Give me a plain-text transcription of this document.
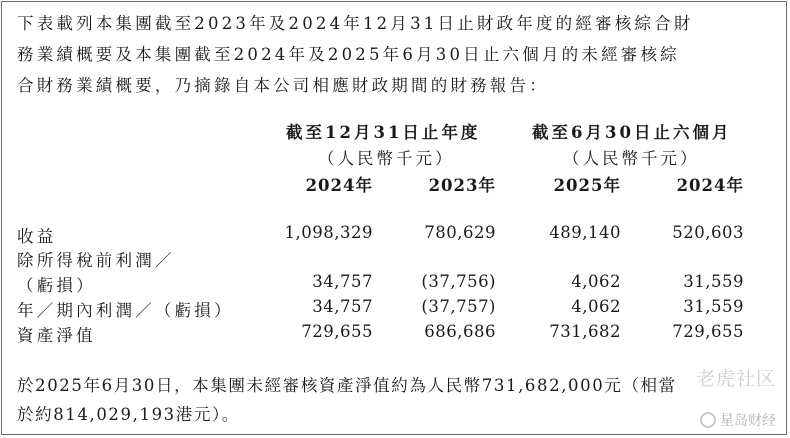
下表載列本集團截至2023年及2024年12月31日止財政年度的經審核綜合財

務業績概要及本集團截至2024年及2025年6月30日止六個月的未經審核綜

合財務業績概要，乃摘錄自本公司相應財政期間的財務報告：

截至12月31日止年度	截至6月30日止六個月
（人民幣千元）	（人民幣千元）
2024年	2023年	2025年	2024年
收益	1,098,329	780,629	489,140	520,603
除所得稅前利潤／
（虧損）	34,757	(37,756)	4,062	31,559
年／期內利潤／（虧損）	34,757	(37,757)	4,062	31,559
資產淨值	729,655	686,686	731,682	729,655

於2025年6月30日，本集團未經審核資產淨值約為人民幣731,682,000元（相當

於約814,029,193港元）。

老虎社区
星岛财经
